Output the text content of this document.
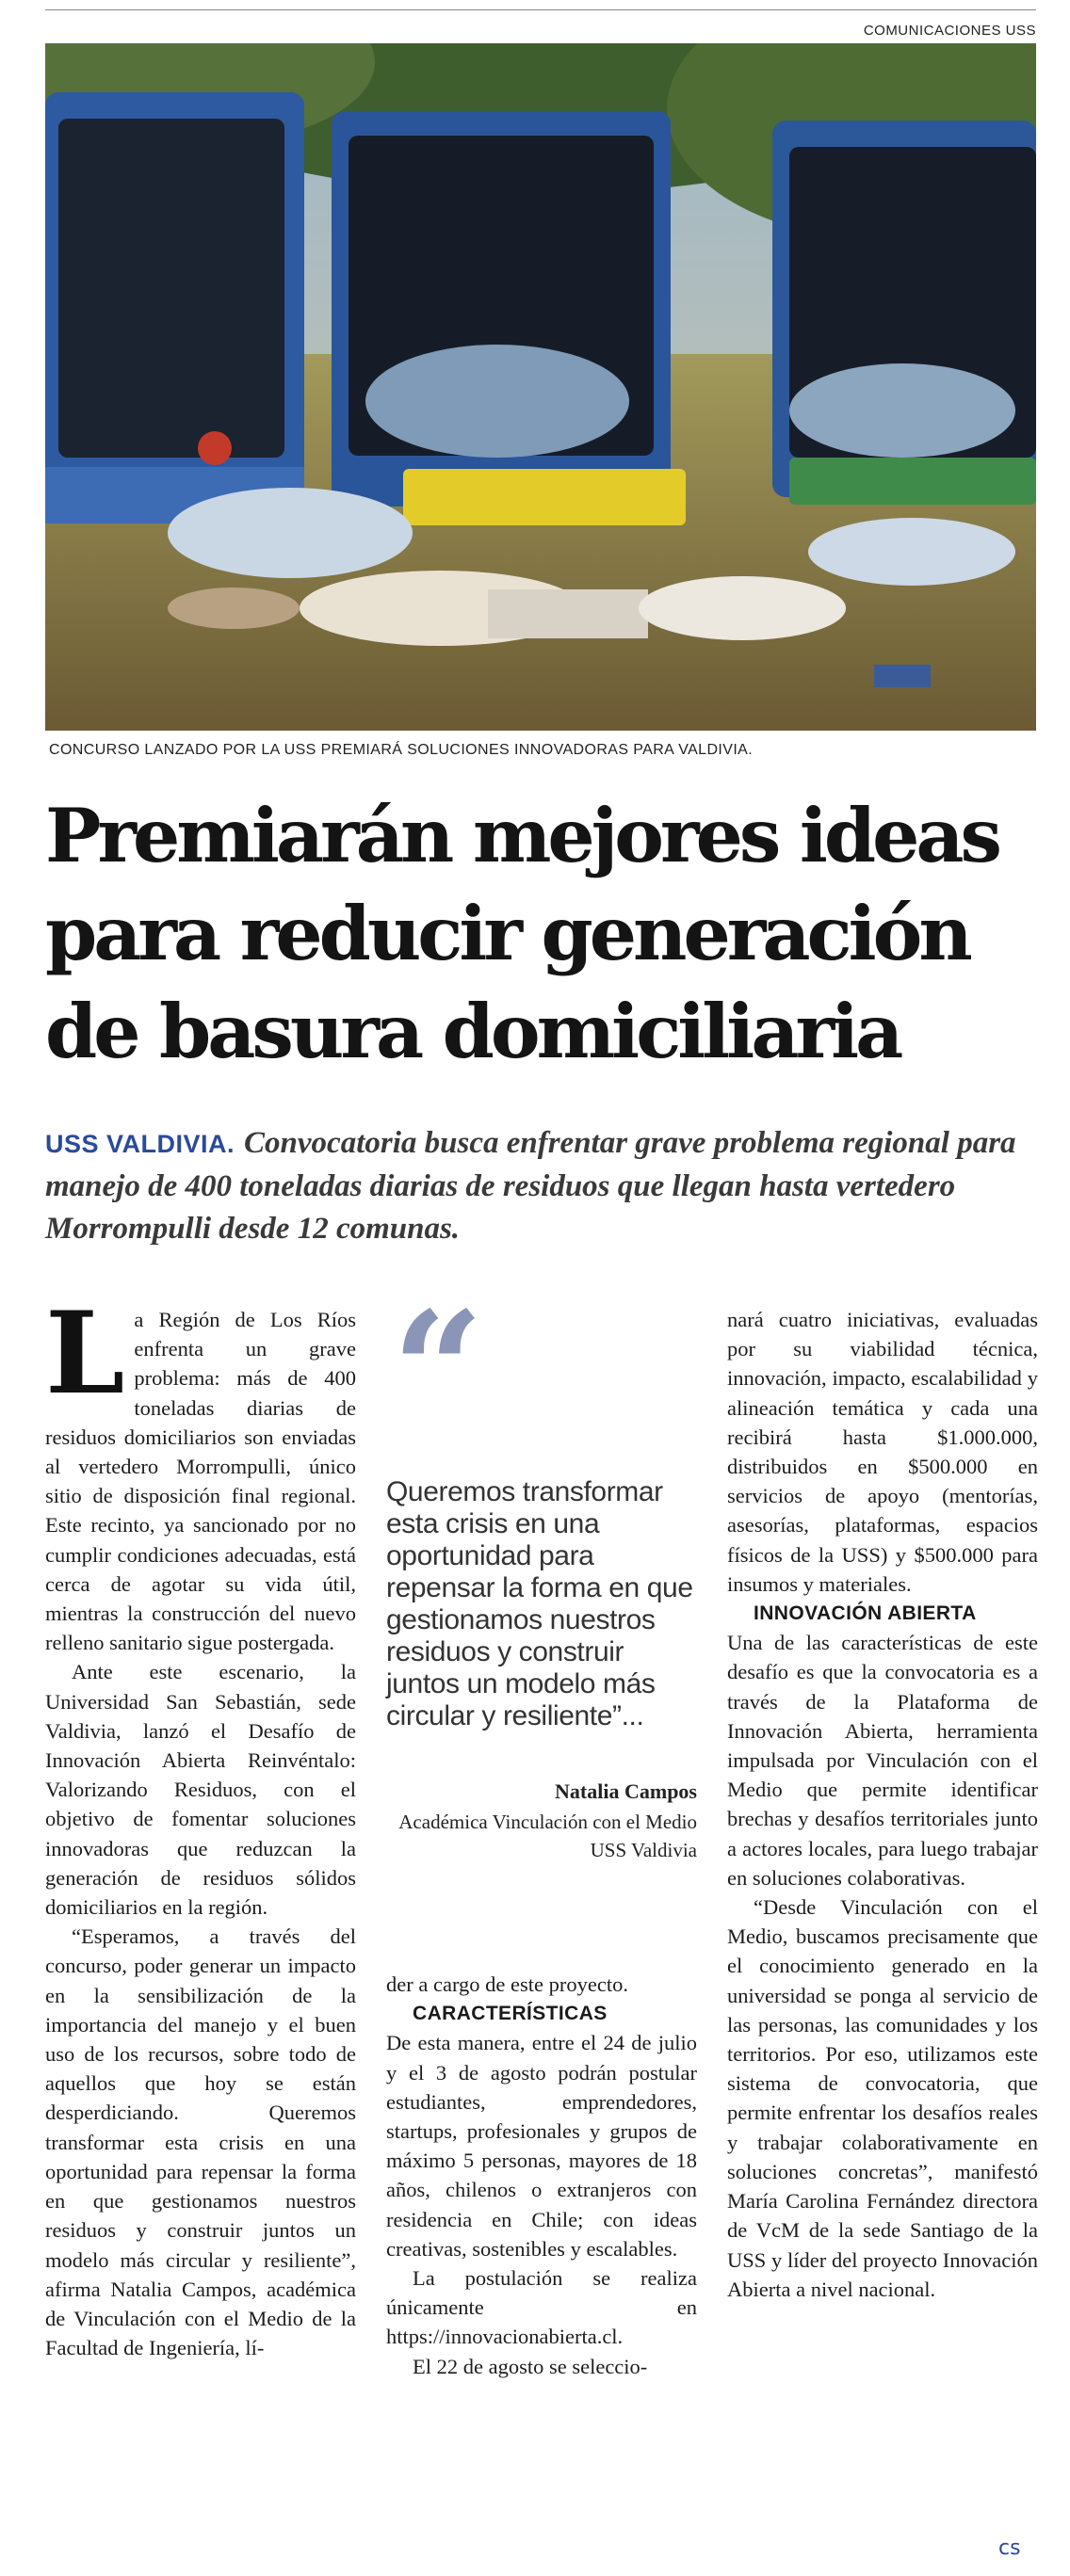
COMUNICACIONES USS
CONCURSO LANZADO POR LA USS PREMIARÁ SOLUCIONES INNOVADORAS PARA VALDIVIA.
Premiarán mejores ideas para reducir generación de basura domiciliaria

USS VALDIVIA. Convocatoria busca enfrentar grave problema regional para manejo de 400 toneladas diarias de residuos que llegan hasta vertedero Morrompulli desde 12 comunas.

La Región de Los Ríos enfrenta un grave problema: más de 400 toneladas diarias de residuos domiciliarios son enviadas al vertedero Morrompulli, único sitio de disposición final regional. Este recinto, ya sancionado por no cumplir condiciones adecuadas, está cerca de agotar su vida útil, mientras la construcción del nuevo relleno sanitario sigue postergada.

Ante este escenario, la Universidad San Sebastián, sede Valdivia, lanzó el Desafío de Innovación Abierta Reinvéntalo: Valorizando Residuos, con el objetivo de fomentar soluciones innovadoras que reduzcan la generación de residuos sólidos domiciliarios en la región.

“Esperamos, a través del concurso, poder generar un impacto en la sensibilización de la importancia del manejo y el buen uso de los recursos, sobre todo de aquellos que hoy se están desperdiciando. Queremos transformar esta crisis en una oportunidad para repensar la forma en que gestionamos nuestros residuos y construir juntos un modelo más circular y resiliente”, afirma Natalia Campos, académica de Vinculación con el Medio de la Facultad de Ingeniería, lí-

“

Queremos transformar esta crisis en una oportunidad para repensar la forma en que gestionamos nuestros residuos y construir juntos un modelo más circular y resiliente”...

Natalia Campos

Académica Vinculación con el Medio USS Valdivia

der a cargo de este proyecto.

CARACTERÍSTICAS

De esta manera, entre el 24 de julio y el 3 de agosto podrán postular estudiantes, emprendedores, startups, profesionales y grupos de máximo 5 personas, mayores de 18 años, chilenos o extranjeros con residencia en Chile; con ideas creativas, sostenibles y escalables.

La postulación se realiza únicamente en https://innovacionabierta.cl.

El 22 de agosto se seleccio-

nará cuatro iniciativas, evaluadas por su viabilidad técnica, innovación, impacto, escalabilidad y alineación temática y cada una recibirá hasta $1.000.000, distribuidos en $500.000 en servicios de apoyo (mentorías, asesorías, plataformas, espacios físicos de la USS) y $500.000 para insumos y materiales.

INNOVACIÓN ABIERTA

Una de las características de este desafío es que la convocatoria es a través de la Plataforma de Innovación Abierta, herramienta impulsada por Vinculación con el Medio que permite identificar brechas y desafíos territoriales junto a actores locales, para luego trabajar en soluciones colaborativas.

“Desde Vinculación con el Medio, buscamos precisamente que el conocimiento generado en la universidad se ponga al servicio de las personas, las comunidades y los territorios. Por eso, utilizamos este sistema de convocatoria, que permite enfrentar los desafíos reales y trabajar colaborativamente en soluciones concretas”, manifestó María Carolina Fernández directora de VcM de la sede Santiago de la USS y líder del proyecto Innovación Abierta a nivel nacional.

cs
